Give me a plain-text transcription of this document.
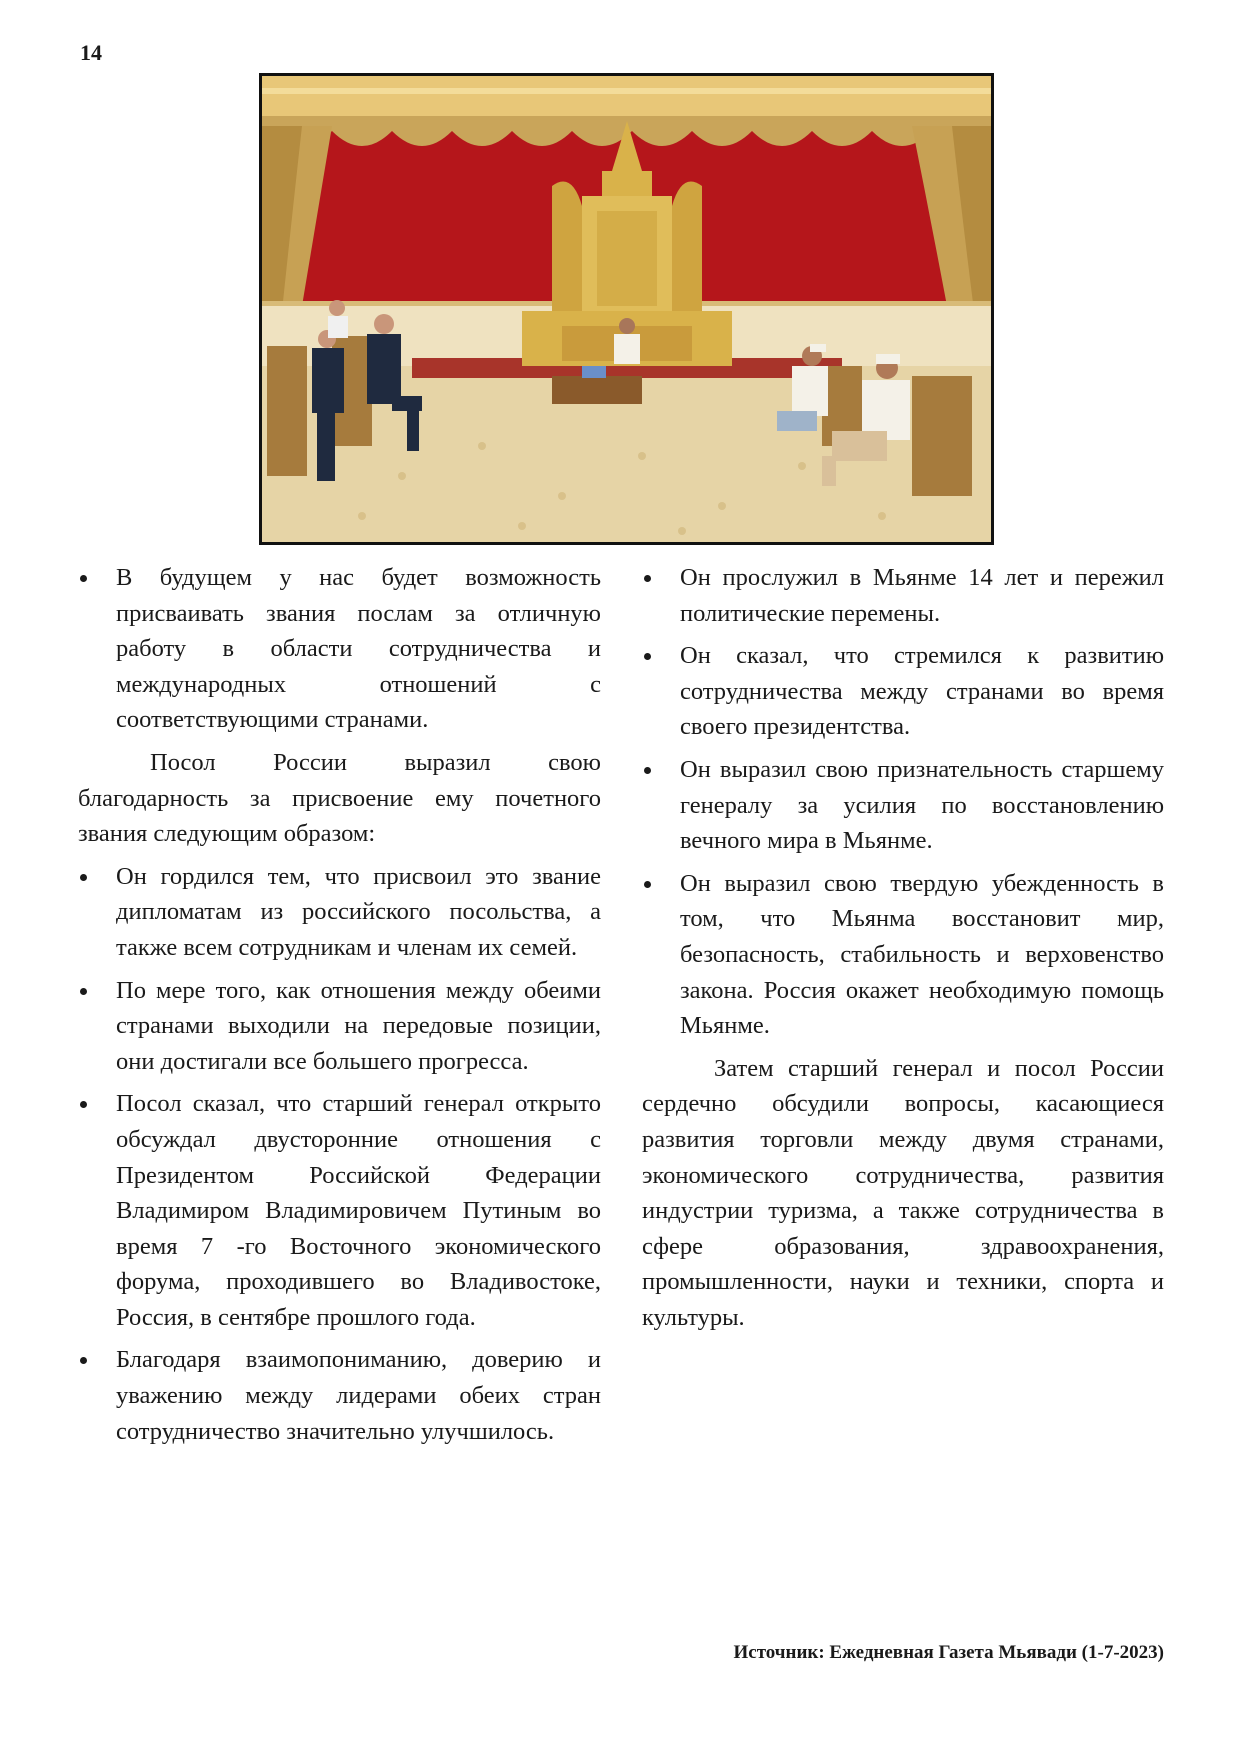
14
В будущем у нас будет возможность присваивать звания послам за отличную работу в области сотрудничества и международных отношений с соответствующими странами.

Посол России выразил свою благодарность за присвоение ему почетного звания следующим образом:

Он гордился тем, что присвоил это звание дипломатам из российского посольства, а также всем сотрудникам и членам их семей.
По мере того, как отношения между обеими странами выходили на передовые позиции, они достигали все большего прогресса.
Посол сказал, что старший генерал открыто обсуждал двусторонние отношения с Президентом Российской Федерации Владимиром Владимировичем Путиным во время 7 -го Восточного экономического форума, проходившего во Владивостоке, Россия, в сентябре прошлого года.
Благодаря взаимопониманию, доверию и уважению между лидерами обеих стран сотрудничество значительно улучшилось.
Он прослужил в Мьянме 14 лет и пережил политические перемены.
Он сказал, что стремился к развитию сотрудничества между странами во время своего президентства.
Он выразил свою признательность старшему генералу за усилия по восстановлению вечного мира в Мьянме.
Он выразил свою твердую убежденность в том, что Мьянма восстановит мир, безопасность, стабильность и верховенство закона. Россия окажет необходимую помощь Мьянме.

Затем старший генерал и посол России сердечно обсудили вопросы, касающиеся развития торговли между двумя странами, экономического сотрудничества, развития индустрии туризма, а также сотрудничества в сфере образования, здравоохранения, промышленности, науки и техники, спорта и культуры.

Источник: Ежедневная Газета Мьявади (1-7-2023)
